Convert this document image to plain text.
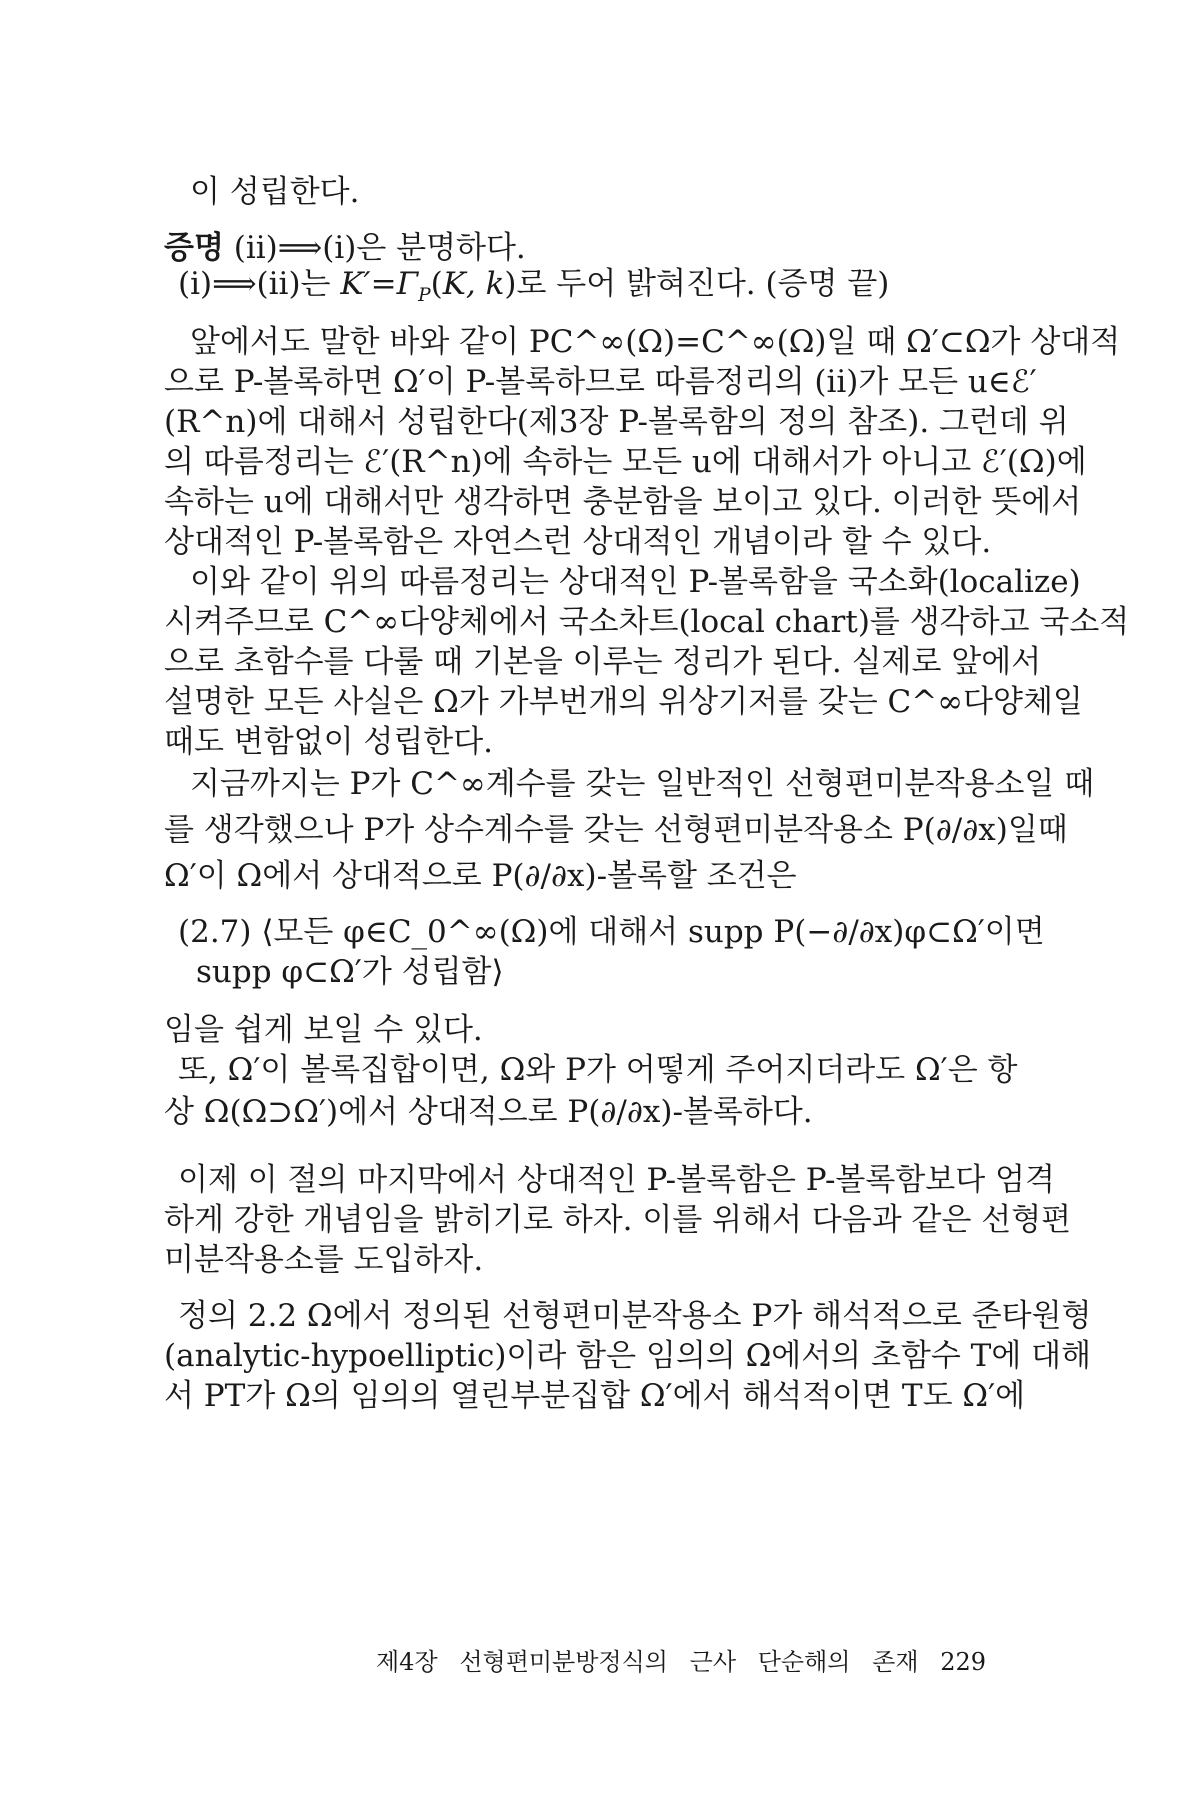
이 성립한다.
증명 (ii)⟹(i)은 분명하다.
(i)⟹(ii)는 $K'=\Gamma_P(K$, k)로 두어 밝혀진다. (증명 끝)
앞에서도 말한 바와 같이 PC^∞(Ω)=C^∞(Ω)일 때 Ω′⊂Ω가 상대적
으로 P-볼록하면 Ω′이 P-볼록하므로 따름정리의 (ii)가 모든 u∈ℰ′
(R^n)에 대해서 성립한다(제3장 P-볼록함의 정의 참조). 그런데 위
의 따름정리는 ℰ′(R^n)에 속하는 모든 u에 대해서가 아니고 ℰ′(Ω)에
속하는 u에 대해서만 생각하면 충분함을 보이고 있다. 이러한 뜻에서
상대적인 P-볼록함은 자연스런 상대적인 개념이라 할 수 있다.
이와 같이 위의 따름정리는 상대적인 P-볼록함을 국소화(localize)
시켜주므로 C^∞다양체에서 국소차트(local chart)를 생각하고 국소적
으로 초함수를 다룰 때 기본을 이루는 정리가 된다. 실제로 앞에서
설명한 모든 사실은 Ω가 가부번개의 위상기저를 갖는 C^∞다양체일
때도 변함없이 성립한다.
지금까지는 P가 C^∞계수를 갖는 일반적인 선형편미분작용소일 때
를 생각했으나 P가 상수계수를 갖는 선형편미분작용소 P(∂/∂x)일때
Ω′이 Ω에서 상대적으로 P(∂/∂x)-볼록할 조건은
(2.7) ⟨모든 φ∈C_0^∞(Ω)에 대해서 supp P(−∂/∂x)φ⊂Ω′이면
supp φ⊂Ω′가 성립함⟩
임을 쉽게 보일 수 있다.
또, Ω′이 볼록집합이면, Ω와 P가 어떻게 주어지더라도 Ω′은 항
상 Ω(Ω⊃Ω′)에서 상대적으로 P(∂/∂x)-볼록하다.
이제 이 절의 마지막에서 상대적인 P-볼록함은 P-볼록함보다 엄격
하게 강한 개념임을 밝히기로 하자. 이를 위해서 다음과 같은 선형편
미분작용소를 도입하자.
정의 2.2 Ω에서 정의된 선형편미분작용소 P가 해석적으로 준타원형
(analytic-hypoelliptic)이라 함은 임의의 Ω에서의 초함수 T에 대해
서 PT가 Ω의 임의의 열린부분집합 Ω′에서 해석적이면 T도 Ω′에
제4장 선형편미분방정식의 근사 단순해의 존재 229
